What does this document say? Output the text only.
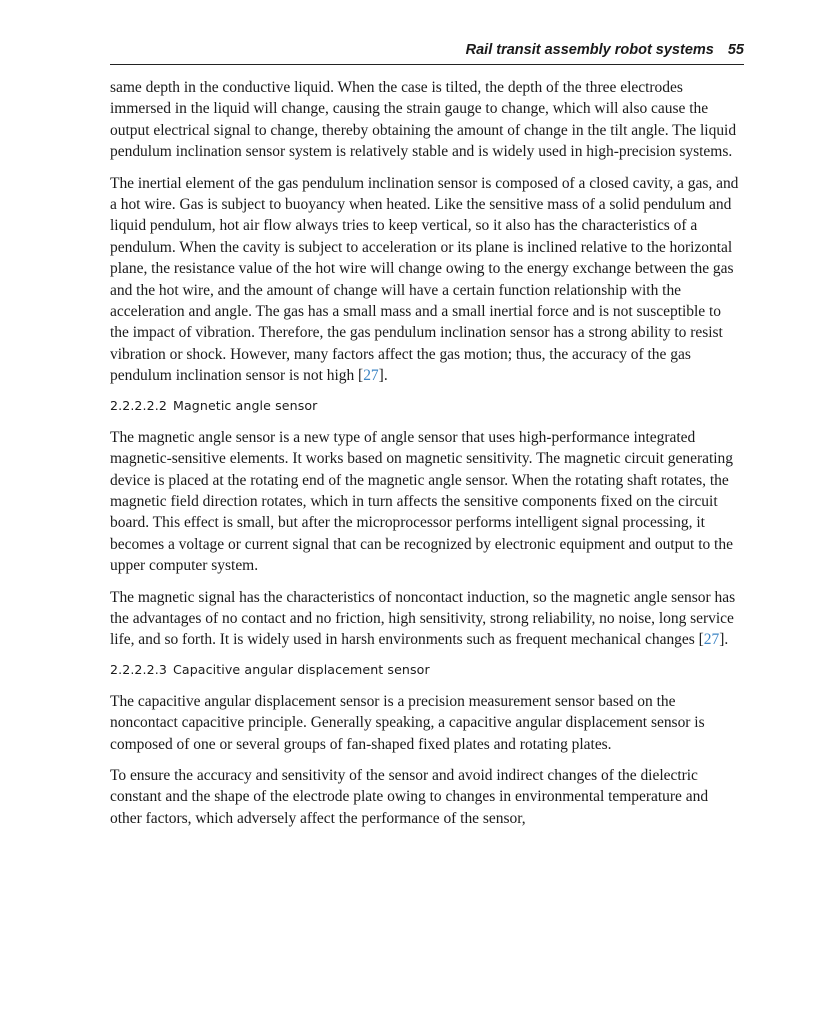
Rail transit assembly robot systems 55

same depth in the conductive liquid. When the case is tilted, the depth of the three electrodes immersed in the liquid will change, causing the strain gauge to change, which will also cause the output electrical signal to change, thereby obtaining the amount of change in the tilt angle. The liquid pendulum inclination sensor system is relatively stable and is widely used in high-precision systems.

The inertial element of the gas pendulum inclination sensor is composed of a closed cavity, a gas, and a hot wire. Gas is subject to buoyancy when heated. Like the sensitive mass of a solid pendulum and liquid pendulum, hot air flow always tries to keep vertical, so it also has the characteristics of a pendulum. When the cavity is subject to acceleration or its plane is inclined relative to the horizontal plane, the resistance value of the hot wire will change owing to the energy exchange between the gas and the hot wire, and the amount of change will have a certain function relationship with the acceleration and angle. The gas has a small mass and a small inertial force and is not susceptible to the impact of vibration. Therefore, the gas pendulum inclination sensor has a strong ability to resist vibration or shock. However, many factors affect the gas motion; thus, the accuracy of the gas pendulum inclination sensor is not high [27].

2.2.2.2.2 Magnetic angle sensor

The magnetic angle sensor is a new type of angle sensor that uses high-performance integrated magnetic-sensitive elements. It works based on magnetic sensitivity. The magnetic circuit generating device is placed at the rotating end of the magnetic angle sensor. When the rotating shaft rotates, the magnetic field direction rotates, which in turn affects the sensitive components fixed on the circuit board. This effect is small, but after the microprocessor performs intelligent signal processing, it becomes a voltage or current signal that can be recognized by electronic equipment and output to the upper computer system.

The magnetic signal has the characteristics of noncontact induction, so the magnetic angle sensor has the advantages of no contact and no friction, high sensitivity, strong reliability, no noise, long service life, and so forth. It is widely used in harsh environments such as frequent mechanical changes [27].

2.2.2.2.3 Capacitive angular displacement sensor

The capacitive angular displacement sensor is a precision measurement sensor based on the noncontact capacitive principle. Generally speaking, a capacitive angular displacement sensor is composed of one or several groups of fan-shaped fixed plates and rotating plates.

To ensure the accuracy and sensitivity of the sensor and avoid indirect changes of the dielectric constant and the shape of the electrode plate owing to changes in environmental temperature and other factors, which adversely affect the performance of the sensor,
